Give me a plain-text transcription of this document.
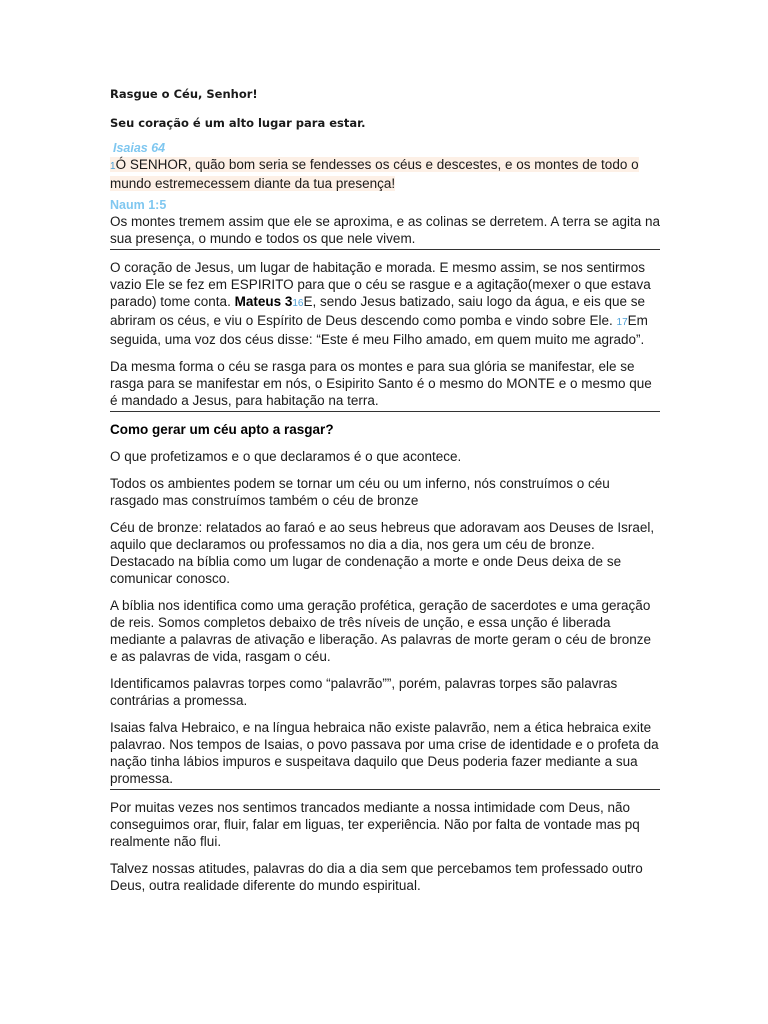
Rasgue o Céu, Senhor!

Seu coração é um alto lugar para estar.

Isaias 64

1Ó SENHOR, quão bom seria se fendesses os céus e descestes, e os montes de todo o mundo estremecessem diante da tua presença!

Naum 1:5

Os montes tremem assim que ele se aproxima, e as colinas se derretem. A terra se agita na sua presença, o mundo e todos os que nele vivem.

O coração de Jesus, um lugar de habitação e morada. E mesmo assim, se nos sentirmos vazio Ele se fez em ESPIRITO para que o céu se rasgue e a agitação(mexer o que estava parado) tome conta. Mateus 316E, sendo Jesus batizado, saiu logo da água, e eis que se abriram os céus, e viu o Espírito de Deus descendo como pomba e vindo sobre Ele. 17Em seguida, uma voz dos céus disse: “Este é meu Filho amado, em quem muito me agrado”.

Da mesma forma o céu se rasga para os montes e para sua glória se manifestar, ele se rasga para se manifestar em nós, o Esipirito Santo é o mesmo do MONTE e o mesmo que é mandado a Jesus, para habitação na terra.

Como gerar um céu apto a rasgar?

O que profetizamos e o que declaramos é o que acontece.

Todos os ambientes podem se tornar um céu ou um inferno, nós construímos o céu rasgado mas construímos também o céu de bronze

Céu de bronze: relatados ao faraó e ao seus hebreus que adoravam aos Deuses de Israel, aquilo que declaramos ou professamos no dia a dia, nos gera um céu de bronze. Destacado na bíblia como um lugar de condenação a morte e onde Deus deixa de se comunicar conosco.

A bíblia nos identifica como uma geração profética, geração de sacerdotes e uma geração de reis. Somos completos debaixo de três níveis de unção, e essa unção é liberada mediante a palavras de ativação e liberação. As palavras de morte geram o céu de bronze e as palavras de vida, rasgam o céu.

Identificamos palavras torpes como “palavrão””, porém, palavras torpes são palavras contrárias a promessa.

Isaias falva Hebraico, e na língua hebraica não existe palavrão, nem a ética hebraica exite palavrao. Nos tempos de Isaias, o povo passava por uma crise de identidade e o profeta da nação tinha lábios impuros e suspeitava daquilo que Deus poderia fazer mediante a sua promessa.

Por muitas vezes nos sentimos trancados mediante a nossa intimidade com Deus, não conseguimos orar, fluir, falar em liguas, ter experiência. Não por falta de vontade mas pq realmente não flui.

Talvez nossas atitudes, palavras do dia a dia sem que percebamos tem professado outro Deus, outra realidade diferente do mundo espiritual.
